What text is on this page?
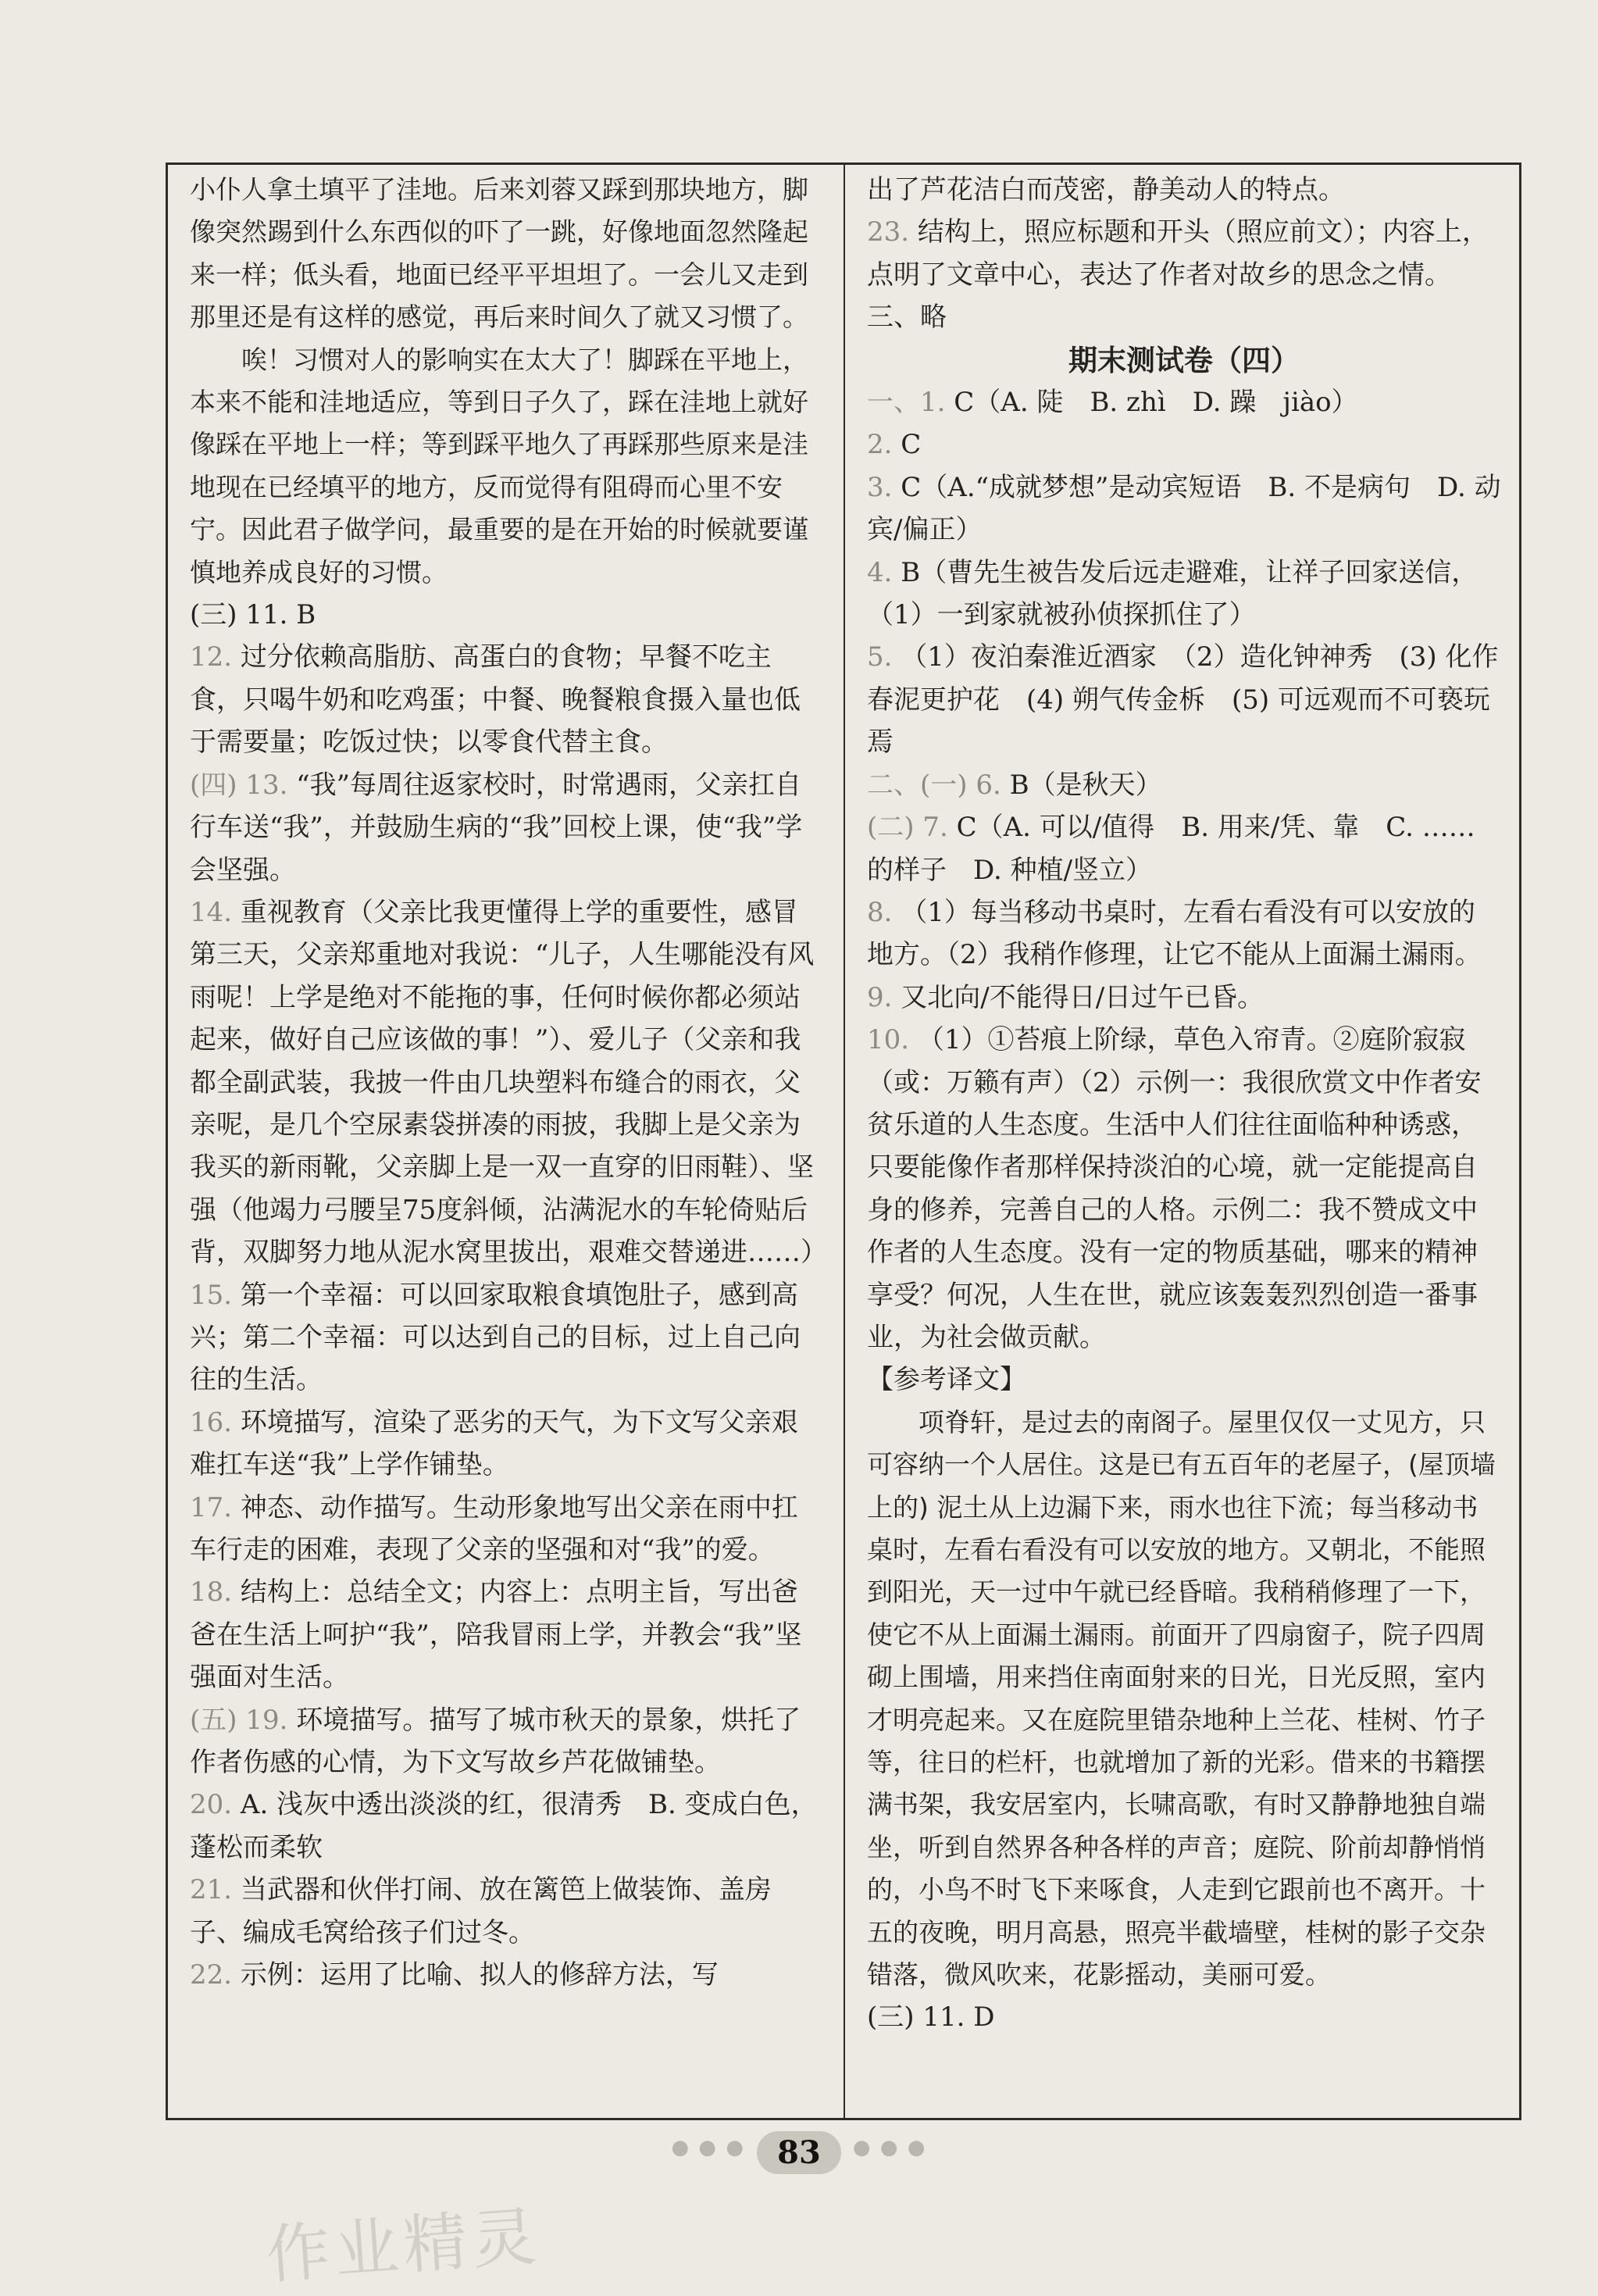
小仆人拿土填平了洼地。后来刘蓉又踩到那块地方，脚像突然踢到什么东西似的吓了一跳，好像地面忽然隆起来一样；低头看，地面已经平平坦坦了。一会儿又走到那里还是有这样的感觉，再后来时间久了就又习惯了。

唉！习惯对人的影响实在太大了！脚踩在平地上，本来不能和洼地适应，等到日子久了，踩在洼地上就好像踩在平地上一样；等到踩平地久了再踩那些原来是洼地现在已经填平的地方，反而觉得有阻碍而心里不安宁。因此君子做学问，最重要的是在开始的时候就要谨慎地养成良好的习惯。

(三) 11. B

12. 过分依赖高脂肪、高蛋白的食物；早餐不吃主食，只喝牛奶和吃鸡蛋；中餐、晚餐粮食摄入量也低于需要量；吃饭过快；以零食代替主食。

(四) 13. “我”每周往返家校时，时常遇雨，父亲扛自行车送“我”，并鼓励生病的“我”回校上课，使“我”学会坚强。

14. 重视教育（父亲比我更懂得上学的重要性，感冒第三天，父亲郑重地对我说：“儿子，人生哪能没有风雨呢！上学是绝对不能拖的事，任何时候你都必须站起来，做好自己应该做的事！”）、爱儿子（父亲和我都全副武装，我披一件由几块塑料布缝合的雨衣，父亲呢，是几个空尿素袋拼凑的雨披，我脚上是父亲为我买的新雨靴，父亲脚上是一双一直穿的旧雨鞋）、坚强（他竭力弓腰呈75度斜倾，沾满泥水的车轮倚贴后背，双脚努力地从泥水窝里拔出，艰难交替递进……）

15. 第一个幸福：可以回家取粮食填饱肚子，感到高兴；第二个幸福：可以达到自己的目标，过上自己向往的生活。

16. 环境描写，渲染了恶劣的天气，为下文写父亲艰难扛车送“我”上学作铺垫。

17. 神态、动作描写。生动形象地写出父亲在雨中扛车行走的困难，表现了父亲的坚强和对“我”的爱。

18. 结构上：总结全文；内容上：点明主旨，写出爸爸在生活上呵护“我”，陪我冒雨上学，并教会“我”坚强面对生活。

(五) 19. 环境描写。描写了城市秋天的景象，烘托了作者伤感的心情，为下文写故乡芦花做铺垫。

20. A. 浅灰中透出淡淡的红，很清秀　B. 变成白色，蓬松而柔软

21. 当武器和伙伴打闹、放在篱笆上做装饰、盖房子、编成毛窝给孩子们过冬。

22. 示例：运用了比喻、拟人的修辞方法，写

出了芦花洁白而茂密，静美动人的特点。

23. 结构上，照应标题和开头（照应前文）；内容上，点明了文章中心，表达了作者对故乡的思念之情。

三、略

期末测试卷（四）

一、1. C（A. 陡　B. zhì　D. 躁　jiào）

2. C

3. C（A.“成就梦想”是动宾短语　B. 不是病句　D. 动宾/偏正）

4. B（曹先生被告发后远走避难，让祥子回家送信，（1）一到家就被孙侦探抓住了）

5. （1）夜泊秦淮近酒家　（2）造化钟神秀　(3) 化作春泥更护花　(4) 朔气传金柝　(5) 可远观而不可亵玩焉

二、(一) 6. B（是秋天）

(二) 7. C（A. 可以/值得　B. 用来/凭、靠　C. ……的样子　D. 种植/竖立）

8. （1）每当移动书桌时，左看右看没有可以安放的地方。（2）我稍作修理，让它不能从上面漏土漏雨。

9. 又北向/不能得日/日过午已昏。

10. （1）①苔痕上阶绿，草色入帘青。②庭阶寂寂（或：万籁有声）（2）示例一：我很欣赏文中作者安贫乐道的人生态度。生活中人们往往面临种种诱惑，只要能像作者那样保持淡泊的心境，就一定能提高自身的修养，完善自己的人格。示例二：我不赞成文中作者的人生态度。没有一定的物质基础，哪来的精神享受？何况，人生在世，就应该轰轰烈烈创造一番事业，为社会做贡献。

【参考译文】

项脊轩，是过去的南阁子。屋里仅仅一丈见方，只可容纳一个人居住。这是已有五百年的老屋子，(屋顶墙上的) 泥土从上边漏下来，雨水也往下流；每当移动书桌时，左看右看没有可以安放的地方。又朝北，不能照到阳光，天一过中午就已经昏暗。我稍稍修理了一下，使它不从上面漏土漏雨。前面开了四扇窗子，院子四周砌上围墙，用来挡住南面射来的日光，日光反照，室内才明亮起来。又在庭院里错杂地种上兰花、桂树、竹子等，往日的栏杆，也就增加了新的光彩。借来的书籍摆满书架，我安居室内，长啸高歌，有时又静静地独自端坐，听到自然界各种各样的声音；庭院、阶前却静悄悄的，小鸟不时飞下来啄食，人走到它跟前也不离开。十五的夜晚，明月高悬，照亮半截墙壁，桂树的影子交杂错落，微风吹来，花影摇动，美丽可爱。

(三) 11. D

● ● ● 83 ● ● ●
作业精灵
